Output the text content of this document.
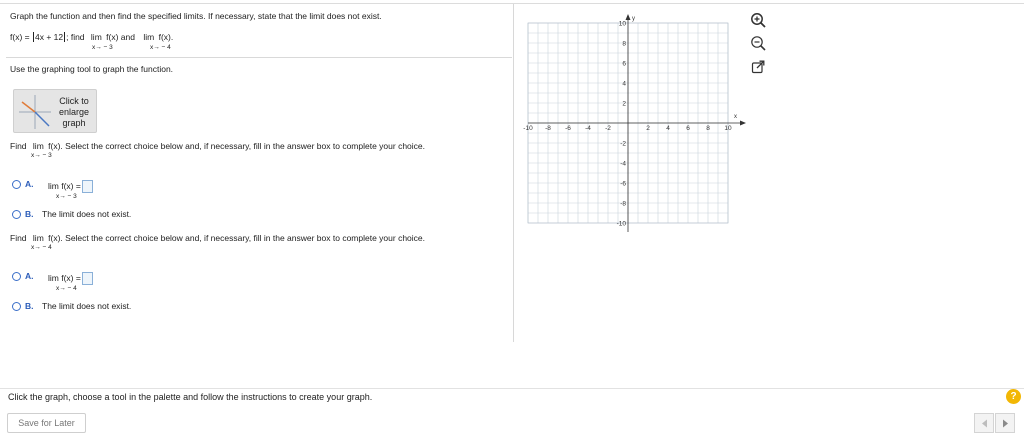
Graph the function and then find the specified limits. If necessary, state that the limit does not exist.
f(x) = 4x + 12 ; find lim f(x) and lim f(x).
x→ − 3	x→ − 4
Use the graphing tool to graph the function.
Click to
enlarge
graph
Find lim f(x). Select the correct choice below and, if necessary, fill in the answer box to complete your choice.
x→ − 3
A. lim f(x) =
x→ − 3
B. The limit does not exist.
Find lim f(x). Select the correct choice below and, if necessary, fill in the answer box to complete your choice.
x→ − 4
A. lim f(x) =
x→ − 4
B. The limit does not exist.
x
y
-10 -8 -6 -4 -2	2	4	6	8 10
10
8
6
4
2
-2
-4
-6
-8
-10
Click the graph, choose a tool in the palette and follow the instructions to create your graph.	?
Save for Later
